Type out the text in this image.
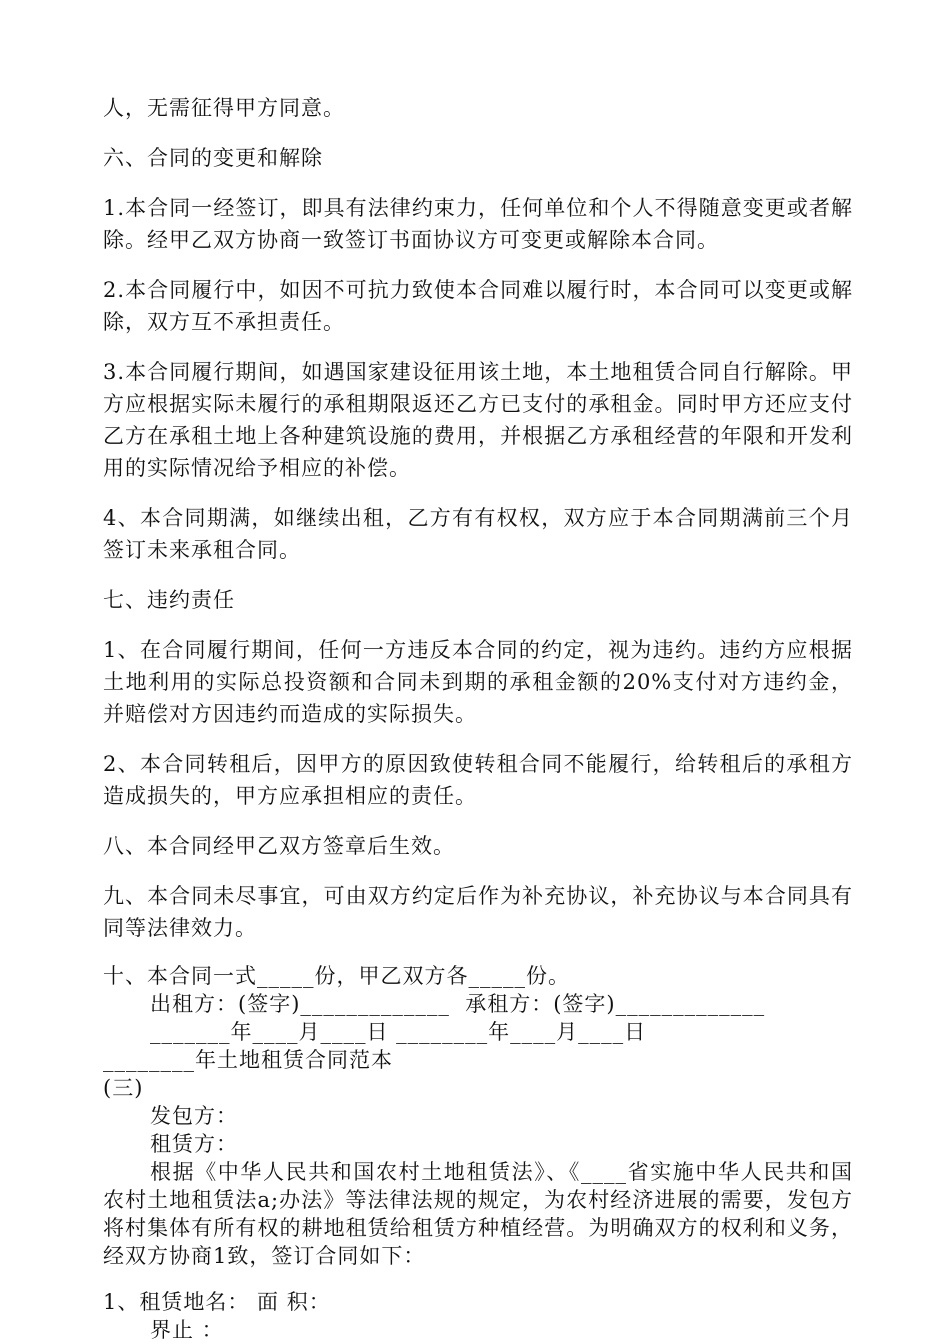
人，无需征得甲方同意。

六、合同的变更和解除

1.本合同一经签订，即具有法律约束力，任何单位和个人不得随意变更或者解除。经甲乙双方协商一致签订书面协议方可变更或解除本合同。

2.本合同履行中，如因不可抗力致使本合同难以履行时，本合同可以变更或解除，双方互不承担责任。

3.本合同履行期间，如遇国家建设征用该土地，本土地租赁合同自行解除。甲方应根据实际未履行的承租期限返还乙方已支付的承租金。同时甲方还应支付乙方在承租土地上各种建筑设施的费用，并根据乙方承租经营的年限和开发利用的实际情况给予相应的补偿。

4、本合同期满，如继续出租，乙方有有权权，双方应于本合同期满前三个月签订未来承租合同。

七、违约责任

1、在合同履行期间，任何一方违反本合同的约定，视为违约。违约方应根据土地利用的实际总投资额和合同未到期的承租金额的20%支付对方违约金，并赔偿对方因违约而造成的实际损失。

2、本合同转租后，因甲方的原因致使转租合同不能履行，给转租后的承租方造成损失的，甲方应承担相应的责任。

八、本合同经甲乙双方签章后生效。

九、本合同未尽事宜，可由双方约定后作为补充协议，补充协议与本合同具有同等法律效力。

十、本合同一式_____份，甲乙双方各_____份。

出租方：(签字)_____________  承租方：(签字)_____________

_______年____月____日 ________年____月____日

________年土地租赁合同范本

(三)

发包方：

租赁方：

根据《中华人民共和国农村土地租赁法》、《____省实施中华人民共和国农村土地租赁法a;办法》等法律法规的规定，为农村经济进展的需要，发包方将村集体有所有权的耕地租赁给租赁方种植经营。为明确双方的权利和义务，经双方协商1致，签订合同如下：

1、租赁地名： 面 积：

界止 ：
